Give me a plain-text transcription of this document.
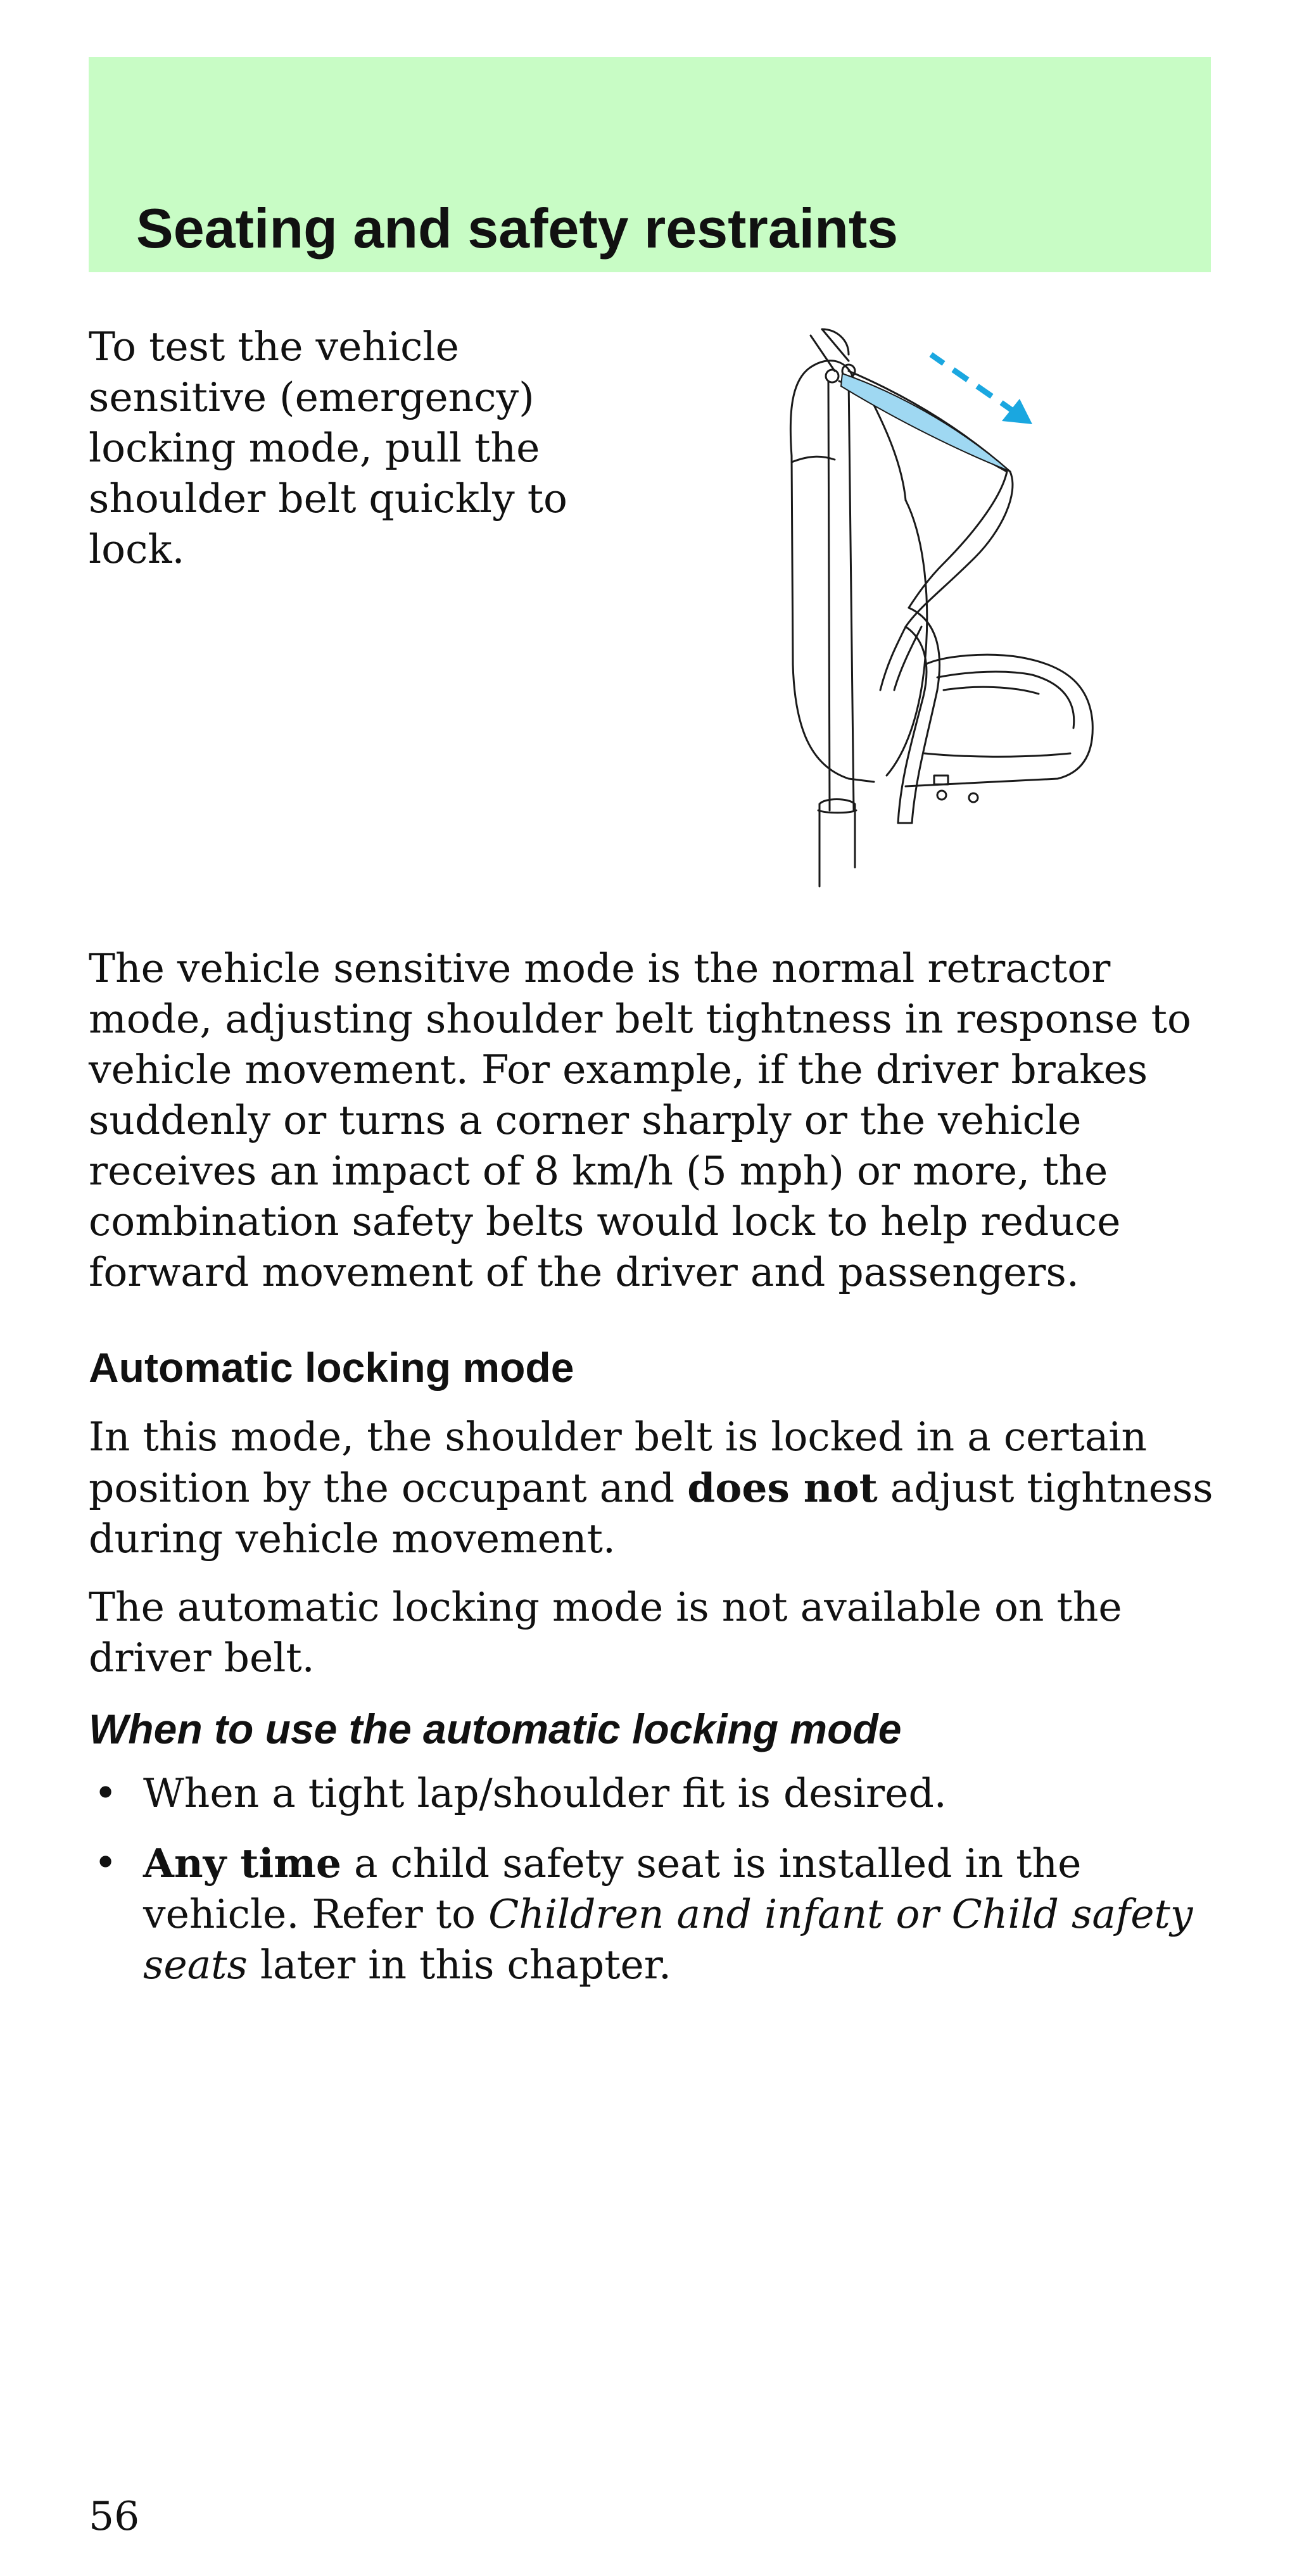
Seating and safety restraints

To test the vehicle sensitive (emergency) locking mode, pull the shoulder belt quickly to lock.

The vehicle sensitive mode is the normal retractor mode, adjusting shoulder belt tightness in response to vehicle movement. For example, if the driver brakes suddenly or turns a corner sharply or the vehicle receives an impact of 8 km/h (5 mph) or more, the combination safety belts would lock to help reduce forward movement of the driver and passengers.

Automatic locking mode

In this mode, the shoulder belt is locked in a certain position by the occupant and does not adjust tightness during vehicle movement.

The automatic locking mode is not available on the driver belt.

When to use the automatic locking mode
• When a tight lap/shoulder fit is desired.
• Any time a child safety seat is installed in the vehicle. Refer to Children and infant or Child safety seats later in this chapter.
56
